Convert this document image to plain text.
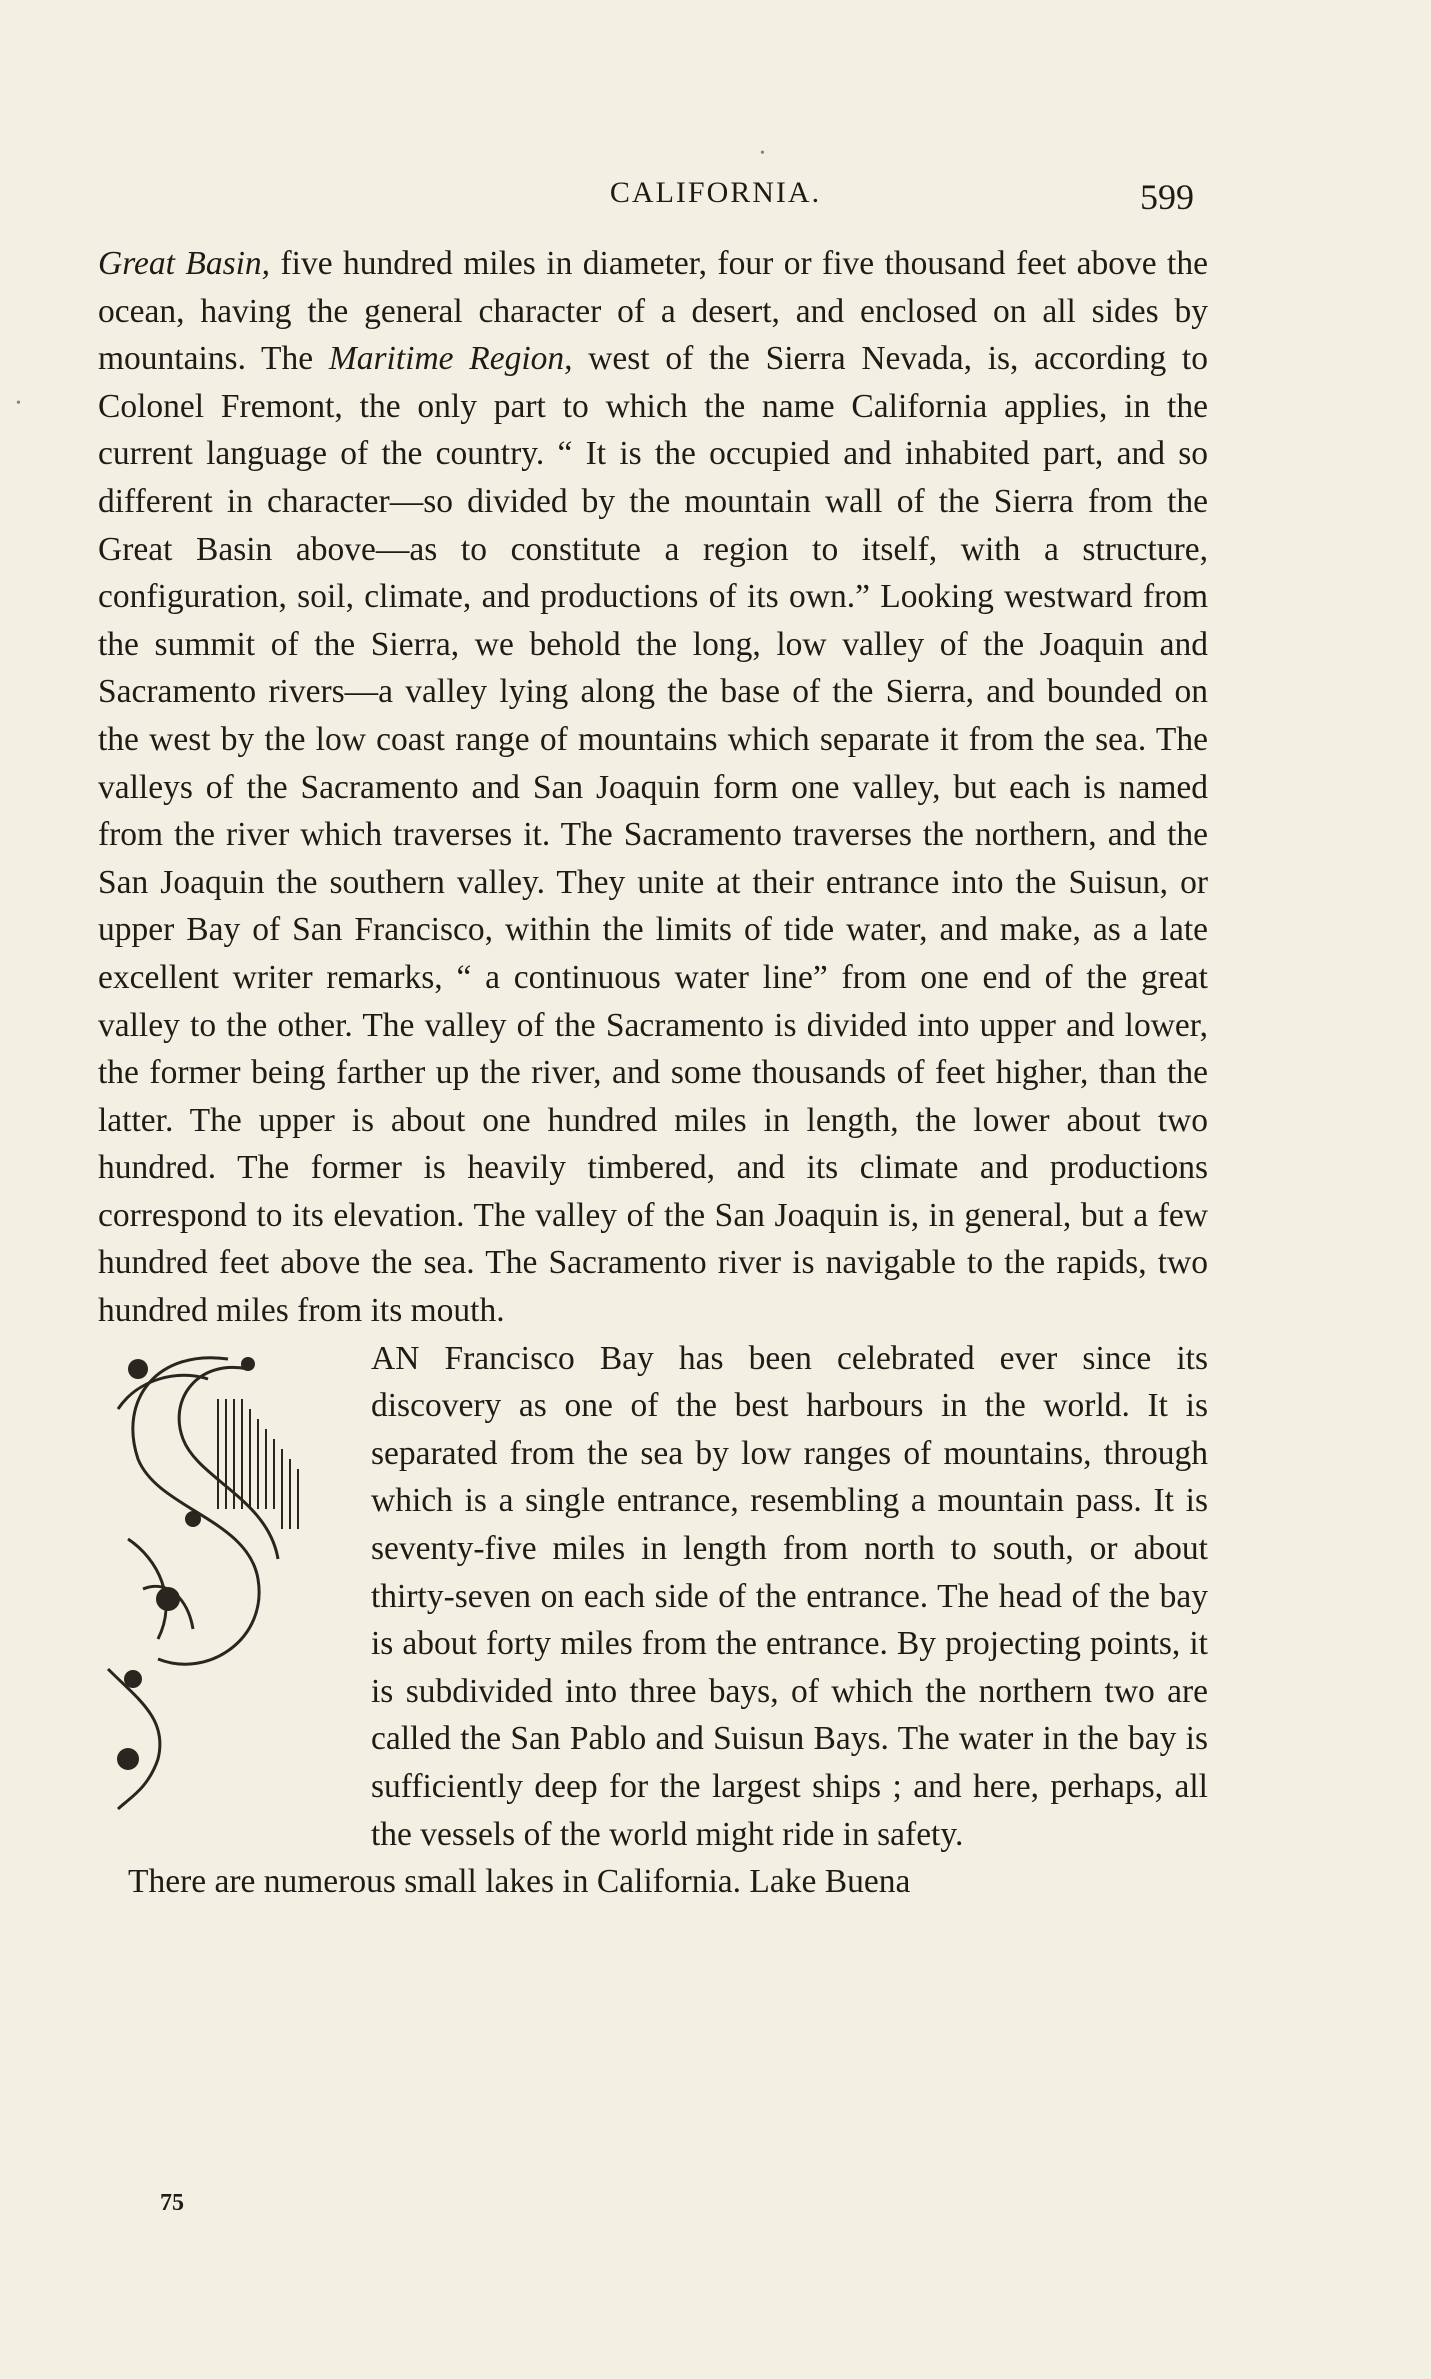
CALIFORNIA.	599
•
•

Great Basin, five hundred miles in diameter, four or five thousand feet above the ocean, having the general character of a desert, and enclosed on all sides by mountains. The Maritime Region, west of the Sierra Nevada, is, according to Colonel Fremont, the only part to which the name California applies, in the current language of the country. “ It is the occupied and inhabited part, and so different in character—so divided by the mountain wall of the Sierra from the Great Basin above—as to constitute a region to itself, with a structure, configuration, soil, climate, and productions of its own.” Looking westward from the summit of the Sierra, we behold the long, low valley of the Joaquin and Sacramento rivers—a valley lying along the base of the Sierra, and bounded on the west by the low coast range of mountains which separate it from the sea. The valleys of the Sacramento and San Joaquin form one valley, but each is named from the river which traverses it. The Sacramento traverses the northern, and the San Joaquin the southern valley. They unite at their entrance into the Suisun, or upper Bay of San Francisco, within the limits of tide water, and make, as a late excellent writer remarks, “ a continuous water line” from one end of the great valley to the other. The valley of the Sacramento is divided into upper and lower, the former being farther up the river, and some thousands of feet higher, than the latter. The upper is about one hundred miles in length, the lower about two hundred. The former is heavily timbered, and its climate and productions correspond to its elevation. The valley of the San Joaquin is, in general, but a few hundred feet above the sea. The Sacramento river is navigable to the rapids, two hundred miles from its mouth.

AN Francisco Bay has been celebrated ever since its discovery as one of the best harbours in the world. It is separated from the sea by low ranges of mountains, through which is a single entrance, resembling a mountain pass. It is seventy-five miles in length from north to south, or about thirty-seven on each side of the entrance. The head of the bay is about forty miles from the entrance. By projecting points, it is subdivided into three bays, of which the northern two are called the San Pablo and Suisun Bays. The water in the bay is sufficiently deep for the largest ships ; and here, perhaps, all the vessels of the world might ride in safety.

There are numerous small lakes in California. Lake Buena

75
